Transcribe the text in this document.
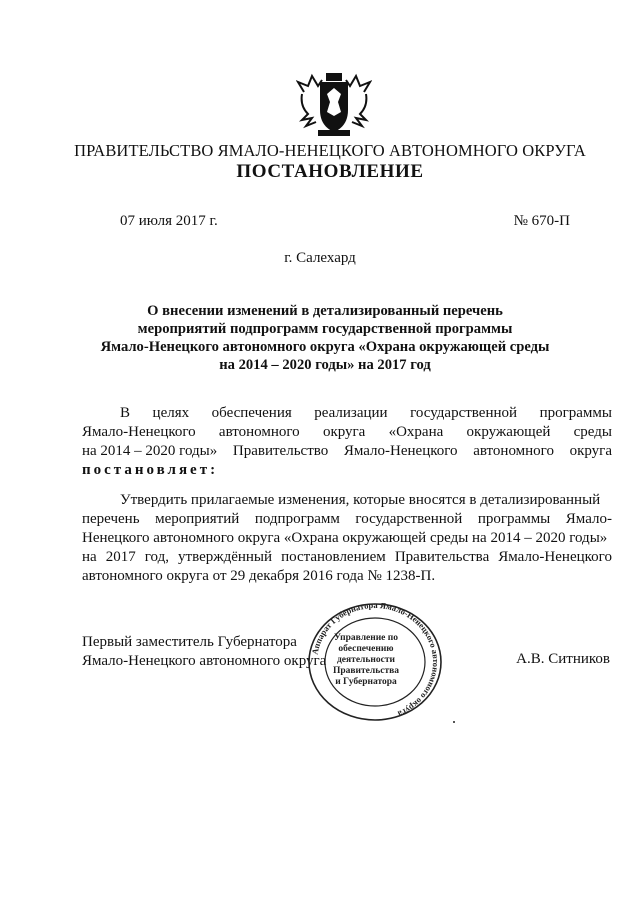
ПРАВИТЕЛЬСТВО ЯМАЛО-НЕНЕЦКОГО АВТОНОМНОГО ОКРУГА
ПОСТАНОВЛЕНИЕ
07 июля 2017 г.	№ 670-П
г. Салехард
О внесении изменений в детализированный перечень
мероприятий подпрограмм государственной программы
Ямало-Ненецкого автономного округа «Охрана окружающей среды
на 2014 – 2020 годы» на 2017 год
В целях обеспечения реализации государственной программы
Ямало-Ненецкого автономного округа «Охрана окружающей среды
на 2014 – 2020 годы» Правительство Ямало-Ненецкого автономного округа
постановляет:
Утвердить прилагаемые изменения, которые вносятся в детализированный
перечень мероприятий подпрограмм государственной программы Ямало-
Ненецкого автономного округа «Охрана окружающей среды на 2014 – 2020 годы»
на 2017 год, утверждённый постановлением Правительства Ямало-Ненецкого
автономного округа от 29 декабря 2016 года № 1238-П.
Первый заместитель Губернатора
Ямало-Ненецкого автономного округа	А.В. Ситников
Аппарат Губернатора Ямало-Ненецкого автономного округа
Управление по
обеспечению
деятельности
Правительства
и Губернатора
